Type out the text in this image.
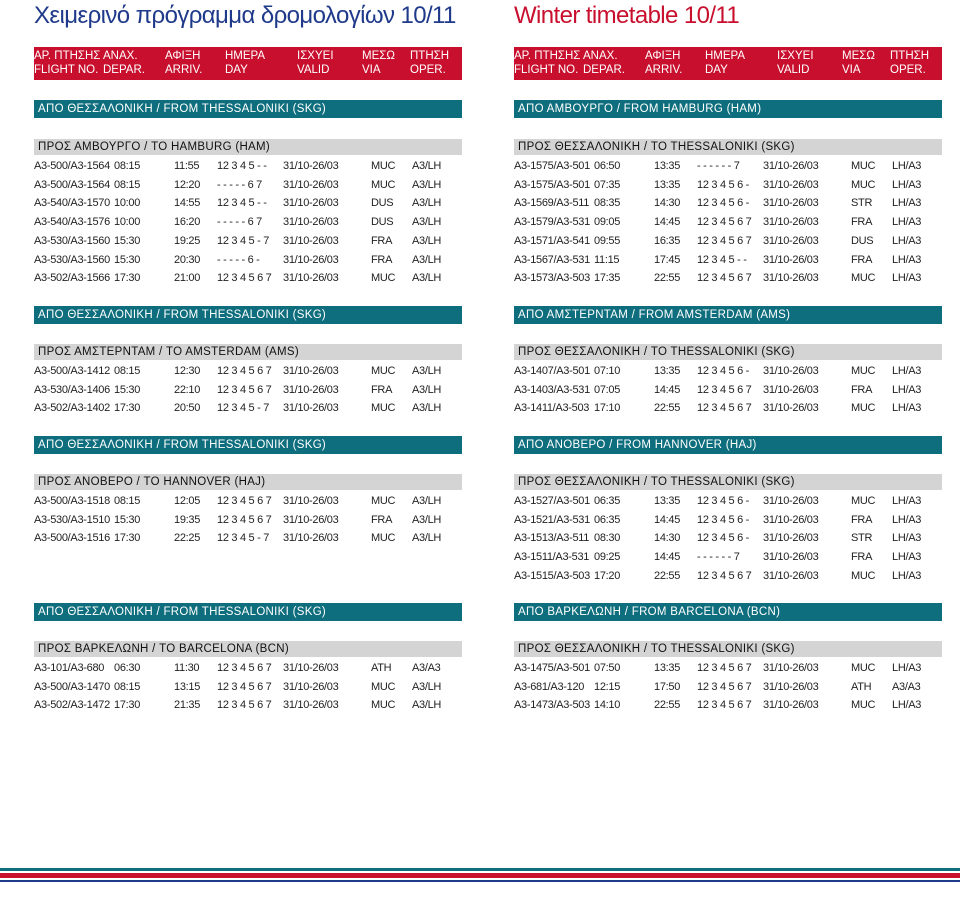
Χειμερινό πρόγραμμα δρομολογίων 10/11 Winter timetable 10/11
ΑΡ. ΠΤΗΣΗΣ ΑΝΑΧ. ΑΦΙΞΗ ΗΜΕΡΑ	ΙΣΧΥΕΙ ΜΕΣΩ ΠΤΗΣΗ
FLIGHT NO. DEPAR. ARRIV. DAY	VALID	VIA	OPER.
ΑΡ. ΠΤΗΣΗΣ ΑΝΑΧ. ΑΦΙΞΗ ΗΜΕΡΑ	ΙΣΧΥΕΙ ΜΕΣΩ ΠΤΗΣΗ
FLIGHT NO. DEPAR. ARRIV. DAY	VALID	VIA	OPER.
ΑΠΟ ΘΕΣΣΑΛΟΝΙΚΗ / FROM THESSALONIKI (SKG)
ΠΡΟΣ ΑΜΒΟΥΡΓΟ / TO HAMBURG (HAM)
A3-500/A3-1564 08:15	11:55 12 3 4 5 - - 31/10-26/03	MUC A3/LH
A3-500/A3-1564 08:15	12:20 - - - - - 6 7 31/10-26/03	MUC A3/LH
A3-540/A3-1570 10:00	14:55 12 3 4 5 - - 31/10-26/03	DUS A3/LH
A3-540/A3-1576 10:00	16:20 - - - - - 6 7 31/10-26/03	DUS A3/LH
A3-530/A3-1560 15:30	19:25 12 3 4 5 - 7 31/10-26/03	FRA A3/LH
A3-530/A3-1560 15:30	20:30 - - - - - 6 - 31/10-26/03	FRA A3/LH
A3-502/A3-1566 17:30	21:00 12 3 4 5 6 7 31/10-26/03	MUC A3/LH
ΑΠΟ ΑΜΒΟΥΡΓΟ / FROM HAMBURG (HAM)
ΠΡΟΣ ΘΕΣΣΑΛΟΝΙΚΗ / TO THESSALONIKI (SKG)
A3-1575/A3-501 06:50	13:35 - - - - - - 7 31/10-26/03	MUC LH/A3
A3-1575/A3-501 07:35	13:35 12 3 4 5 6 - 31/10-26/03	MUC LH/A3
A3-1569/A3-511 08:35	14:30 12 3 4 5 6 - 31/10-26/03	STR LH/A3
A3-1579/A3-531 09:05	14:45 12 3 4 5 6 7 31/10-26/03	FRA LH/A3
A3-1571/A3-541 09:55	16:35 12 3 4 5 6 7 31/10-26/03	DUS LH/A3
A3-1567/A3-531 11:15	17:45 12 3 4 5 - - 31/10-26/03	FRA LH/A3
A3-1573/A3-503 17:35	22:55 12 3 4 5 6 7 31/10-26/03	MUC LH/A3
ΑΠΟ ΘΕΣΣΑΛΟΝΙΚΗ / FROM THESSALONIKI (SKG)
ΠΡΟΣ ΑΜΣΤΕΡΝΤΑΜ / TO AMSTERDAM (AMS)
A3-500/A3-1412 08:15	12:30 12 3 4 5 6 7 31/10-26/03	MUC A3/LH
A3-530/A3-1406 15:30	22:10 12 3 4 5 6 7 31/10-26/03	FRA A3/LH
A3-502/A3-1402 17:30	20:50 12 3 4 5 - 7 31/10-26/03	MUC A3/LH
ΑΠΟ ΑΜΣΤΕΡΝΤΑΜ / FROM AMSTERDAM (AMS)
ΠΡΟΣ ΘΕΣΣΑΛΟΝΙΚΗ / TO THESSALONIKI (SKG)
A3-1407/A3-501 07:10	13:35 12 3 4 5 6 - 31/10-26/03	MUC LH/A3
A3-1403/A3-531 07:05	14:45 12 3 4 5 6 7 31/10-26/03	FRA LH/A3
A3-1411/A3-503 17:10	22:55 12 3 4 5 6 7 31/10-26/03	MUC LH/A3
ΑΠΟ ΘΕΣΣΑΛΟΝΙΚΗ / FROM THESSALONIKI (SKG)
ΠΡΟΣ ΑΝΟΒΕΡΟ / TO HANNOVER (HAJ)
A3-500/A3-1518 08:15	12:05 12 3 4 5 6 7 31/10-26/03	MUC A3/LH
A3-530/A3-1510 15:30	19:35 12 3 4 5 6 7 31/10-26/03	FRA A3/LH
A3-500/A3-1516 17:30	22:25 12 3 4 5 - 7 31/10-26/03	MUC A3/LH
ΑΠΟ ΑΝΟΒΕΡΟ / FROM HANNOVER (HAJ)
ΠΡΟΣ ΘΕΣΣΑΛΟΝΙΚΗ / TO THESSALONIKI (SKG)
A3-1527/A3-501 06:35	13:35 12 3 4 5 6 - 31/10-26/03	MUC LH/A3
A3-1521/A3-531 06:35	14:45 12 3 4 5 6 - 31/10-26/03	FRA LH/A3
A3-1513/A3-511 08:30	14:30 12 3 4 5 6 - 31/10-26/03	STR LH/A3
A3-1511/A3-531 09:25	14:45 - - - - - - 7 31/10-26/03	FRA LH/A3
A3-1515/A3-503 17:20	22:55 12 3 4 5 6 7 31/10-26/03	MUC LH/A3
ΑΠΟ ΘΕΣΣΑΛΟΝΙΚΗ / FROM THESSALONIKI (SKG)
ΠΡΟΣ ΒΑΡΚΕΛΩΝΗ / TO BARCELONA (BCN)
A3-101/A3-680 06:30	11:30 12 3 4 5 6 7 31/10-26/03	ATH A3/A3
A3-500/A3-1470 08:15	13:15 12 3 4 5 6 7 31/10-26/03	MUC A3/LH
A3-502/A3-1472 17:30	21:35 12 3 4 5 6 7 31/10-26/03	MUC A3/LH
ΑΠΟ ΒΑΡΚΕΛΩΝΗ / FROM BARCELONA (BCN)
ΠΡΟΣ ΘΕΣΣΑΛΟΝΙΚΗ / TO THESSALONIKI (SKG)
A3-1475/A3-501 07:50	13:35 12 3 4 5 6 7 31/10-26/03	MUC LH/A3
A3-681/A3-120 12:15	17:50 12 3 4 5 6 7 31/10-26/03	ATH A3/A3
A3-1473/A3-503 14:10	22:55 12 3 4 5 6 7 31/10-26/03	MUC LH/A3
